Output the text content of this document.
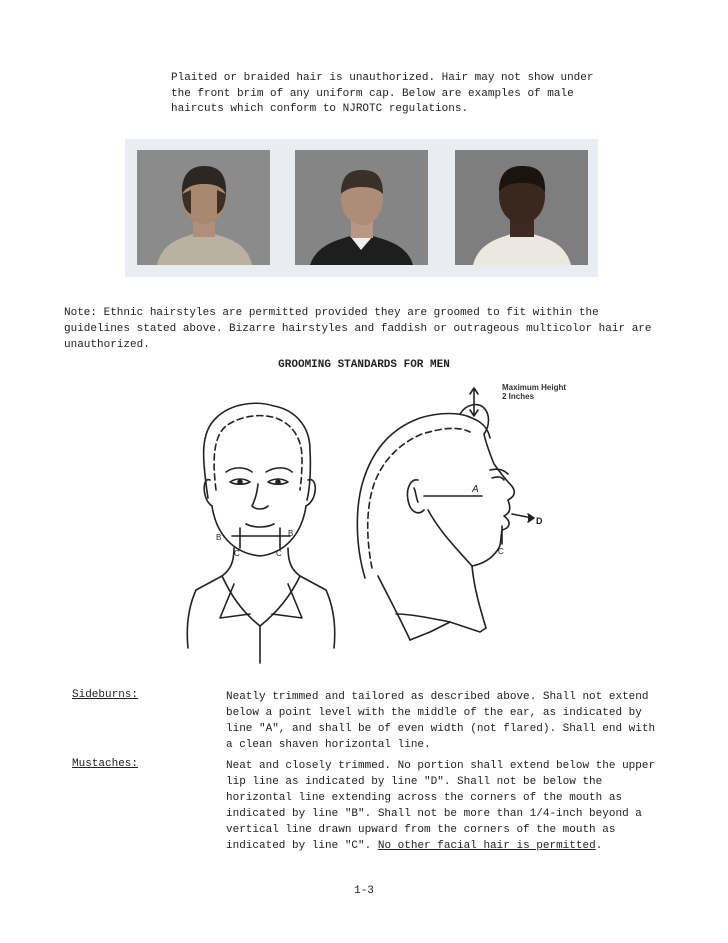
Plaited or braided hair is unauthorized. Hair may not show under
the front brim of any uniform cap. Below are examples of male
haircuts which conform to NJROTC regulations.
Note: Ethnic hairstyles are permitted provided they are groomed to fit within the guidelines stated above. Bizarre hairstyles and faddish or outrageous multicolor hair are unauthorized.
GROOMING STANDARDS FOR MEN
B	B
C	C
A
D
C
Maximum Height
2 Inches
Sideburns:	Neatly trimmed and tailored as described above. Shall not extend below a point level with the middle of the ear, as indicated by line "A", and shall be of even width (not flared). Shall end with a clean shaven horizontal line.
Mustaches:	Neat and closely trimmed. No portion shall extend below the upper lip line as indicated by line "D". Shall not be below the horizontal line extending across the corners of the mouth as indicated by line "B". Shall not be more than 1/4-inch beyond a vertical line drawn upward from the corners of the mouth as indicated by line "C". No other facial hair is permitted.
1-3
